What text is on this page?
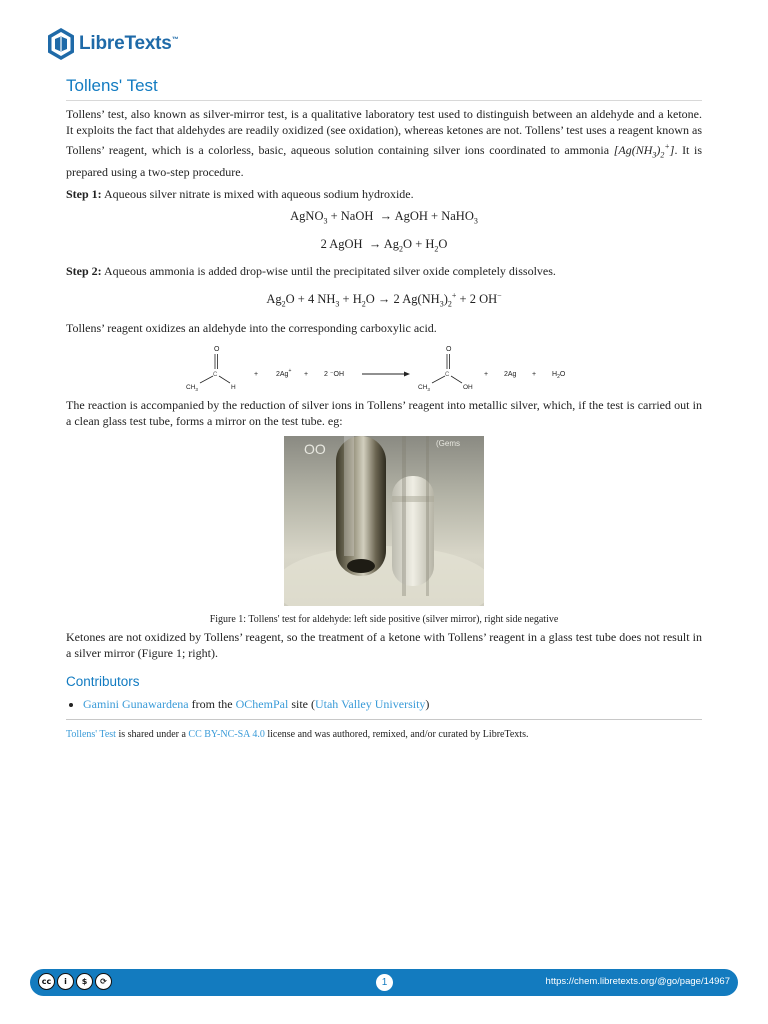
LibreTexts™
Tollens' Test

Tollens’ test, also known as silver-mirror test, is a qualitative laboratory test used to distinguish between an aldehyde and a ketone. It exploits the fact that aldehydes are readily oxidized (see oxidation), whereas ketones are not. Tollens’ test uses a reagent known as Tollens’ reagent, which is a colorless, basic, aqueous solution containing silver ions coordinated to ammonia $[Ag(NH_3)_2^+]$. It is prepared using a two-step procedure.

Step 1: Aqueous silver nitrate is mixed with aqueous sodium hydroxide.

AgNO$_3$ + NaOH  → AgOH + NaHO$_3$
2 AgOH  → $Ag_2O + H_2O$

Step 2: Aqueous ammonia is added drop-wise until the precipitated silver oxide completely dissolves.

$Ag_2O + 4$ $NH_3 + H_2O \to 2$ $Ag(NH_3)_2^+ + 2$ OH−

Tollens’ reagent oxidizes an aldehyde into the corresponding carboxylic acid.

O
C
$CH_3$	H
+	2Ag+ + 2 ⁻OH
O
C
$CH_3$	OH
+ $2Ag + H_2O$

The reaction is accompanied by the reduction of silver ions in Tollens’ reagent into metallic silver, which, if the test is carried out in a clean glass test tube, forms a mirror on the test tube. eg:

OO	(Gems
Figure 1: Tollens' test for aldehyde: left side positive (silver mirror), right side negative

Ketones are not oxidized by Tollens’ reagent, so the treatment of a ketone with Tollens’ reagent in a glass test tube does not result in a silver mirror (Figure 1; right).

Contributors
• Gamini Gunawardena from the OChemPal site (Utah Valley University)
Tollens' Test is shared under a CC BY-NC-SA 4.0 license and was authored, remixed, and/or curated by LibreTexts.
cc	i	$	⟳	1	https://chem.libretexts.org/@go/page/14967
